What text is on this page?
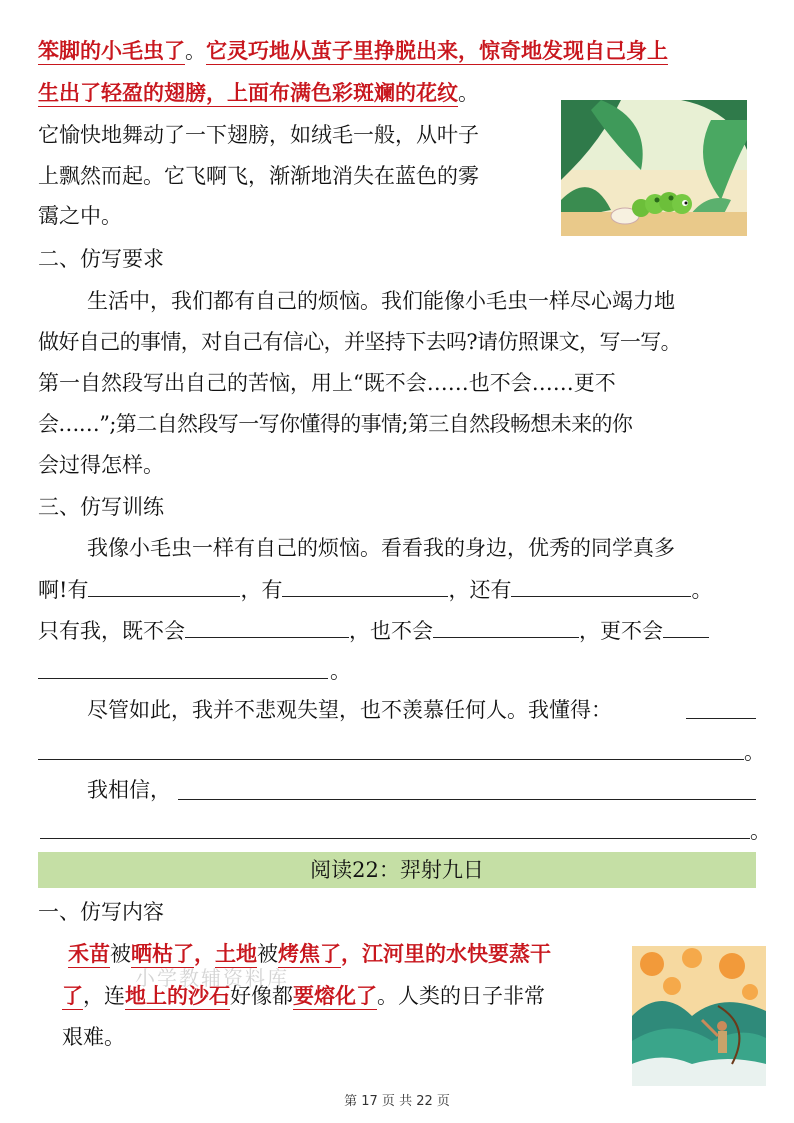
笨脚的小毛虫了。它灵巧地从茧子里挣脱出来，惊奇地发现自己身上
生出了轻盈的翅膀，上面布满色彩斑斓的花纹。
它愉快地舞动了一下翅膀，如绒毛一般，从叶子
上飘然而起。它飞啊飞，渐渐地消失在蓝色的雾
霭之中。
二、仿写要求
生活中，我们都有自己的烦恼。我们能像小毛虫一样尽心竭力地
做好自己的事情，对自己有信心，并坚持下去吗?请仿照课文，写一写。
第一自然段写出自己的苦恼，用上“既不会……也不会……更不
会……”;第二自然段写一写你懂得的事情;第三自然段畅想未来的你
会过得怎样。
三、仿写训练
我像小毛虫一样有自己的烦恼。看看我的身边，优秀的同学真多
啊!有	，有	，还有	。
只有我，既不会	，也不会	，更不会
。
尽管如此，我并不悲观失望，也不羡慕任何人。我懂得：
。
我相信，
。
阅读22：羿射九日
一、仿写内容
禾苗被晒枯了，土地被烤焦了，江河里的水快要蒸干
了，连地上的沙石好像都要熔化了。人类的日子非常
艰难。
小学教辅资料库
第 17 页 共 22 页
